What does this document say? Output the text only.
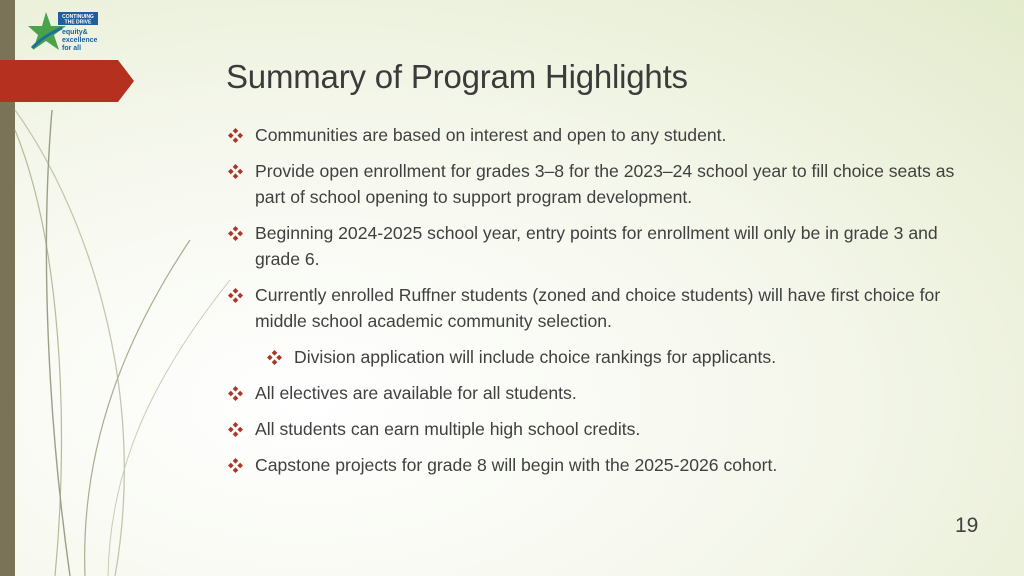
CONTINUING
THE DRIVE
equity&
excellence
for all
Summary of Program Highlights
Communities are based on interest and open to any student.
Provide open enrollment for grades 3–8 for the 2023–24 school year to fill choice seats as part of school opening to support program development.
Beginning 2024-2025 school year, entry points for enrollment will only be in grade 3 and grade 6.
Currently enrolled Ruffner students (zoned and choice students) will have first choice for middle school academic community selection.
Division application will include choice rankings for applicants.
All electives are available for all students.
All students can earn multiple high school credits.
Capstone projects for grade 8 will begin with the 2025-2026 cohort.
19
